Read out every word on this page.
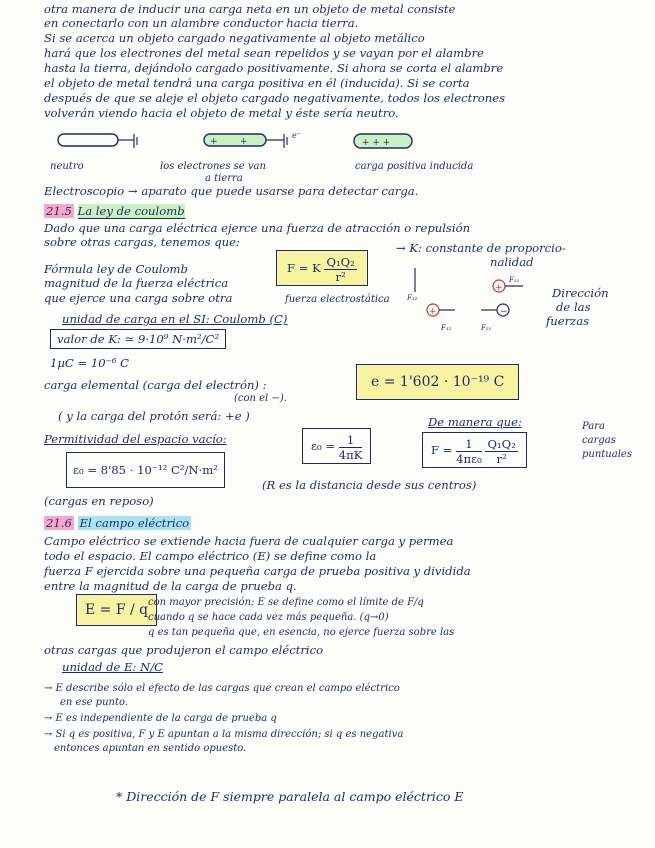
otra manera de inducir una carga neta en un objeto de metal consiste
en conectarlo con un alambre conductor hacia tierra.
Si se acerca un objeto cargado negativamente al objeto metálico
hará que los electrones del metal sean repelidos y se vayan por el alambre
hasta la tierra, dejándolo cargado positivamente. Si ahora se corta el alambre
el objeto de metal tendrá una carga positiva en él (inducida). Si se corta
después de que se aleje el objeto cargado negativamente, todos los electrones
volverán viendo hacia el objeto de metal y éste sería neutro.
+ +
e⁻
+ + +
neutro	los electrones se van
a tierra
carga positiva inducida
Electroscopio → aparato que puede usarse para detectar carga.
21.5 La ley de coulomb
Dado que una carga eléctrica ejerce una fuerza de atracción o repulsión
sobre otras cargas, tenemos que:
Fórmula ley de Coulomb
magnitud de la fuerza eléctrica
que ejerce una carga sobre otra	fuerza electrostática
F = K $\frac{\text{Q₁Q₂}}{\text{r²}}$
→ K: constante de proporcio-
nalidad
+
F₂₁
+	−
F₁₂	F₂₁
F₁₂	Dirección
de las
fuerzas
unidad de carga en el SI: Coulomb (C)
valor de K: ≃ 9·10⁹ N·m²/C²
1μC = 10⁻⁶ C
carga elemental (carga del electrón) :
(con el −).
e = 1'602 · 10⁻¹⁹ C
( y la carga del protón será: +e )
Permitividad del espacio vacío:	$\varepsilon_0 = \frac{1}{4\pi K}$
De manera que:
$F = \frac{1}{\text{4πε₀}}$
$\frac{\text{Q₁Q₂}}{\text{r²}}$
Para
cargas
puntuales
ε₀ = 8'85 · 10⁻¹² C²/N·m²
(R es la distancia desde sus centros)
(cargas en reposo)
21.6 El campo eléctrico
Campo eléctrico se extiende hacia fuera de cualquier carga y permea
todo el espacio. El campo eléctrico (E) se define como la
fuerza F ejercida sobre una pequeña carga de prueba positiva y dividida
entre la magnitud de la carga de prueba q.
E = F / q con mayor precisión: E se define como el límite de F/q
cuando q se hace cada vez más pequeña. (q→0)
q es tan pequeña que, en esencia, no ejerce fuerza sobre las
otras cargas que produjeron el campo eléctrico
unidad de E: N/C
→ E describe sólo el efecto de las cargas que crean el campo eléctrico
en ese punto.
→ E es independiente de la carga de prueba q
→ Si q es positiva, F y E apuntan a la misma dirección; si q es negativa
entonces apuntan en sentido opuesto.
* Dirección de F siempre paralela al campo eléctrico E
